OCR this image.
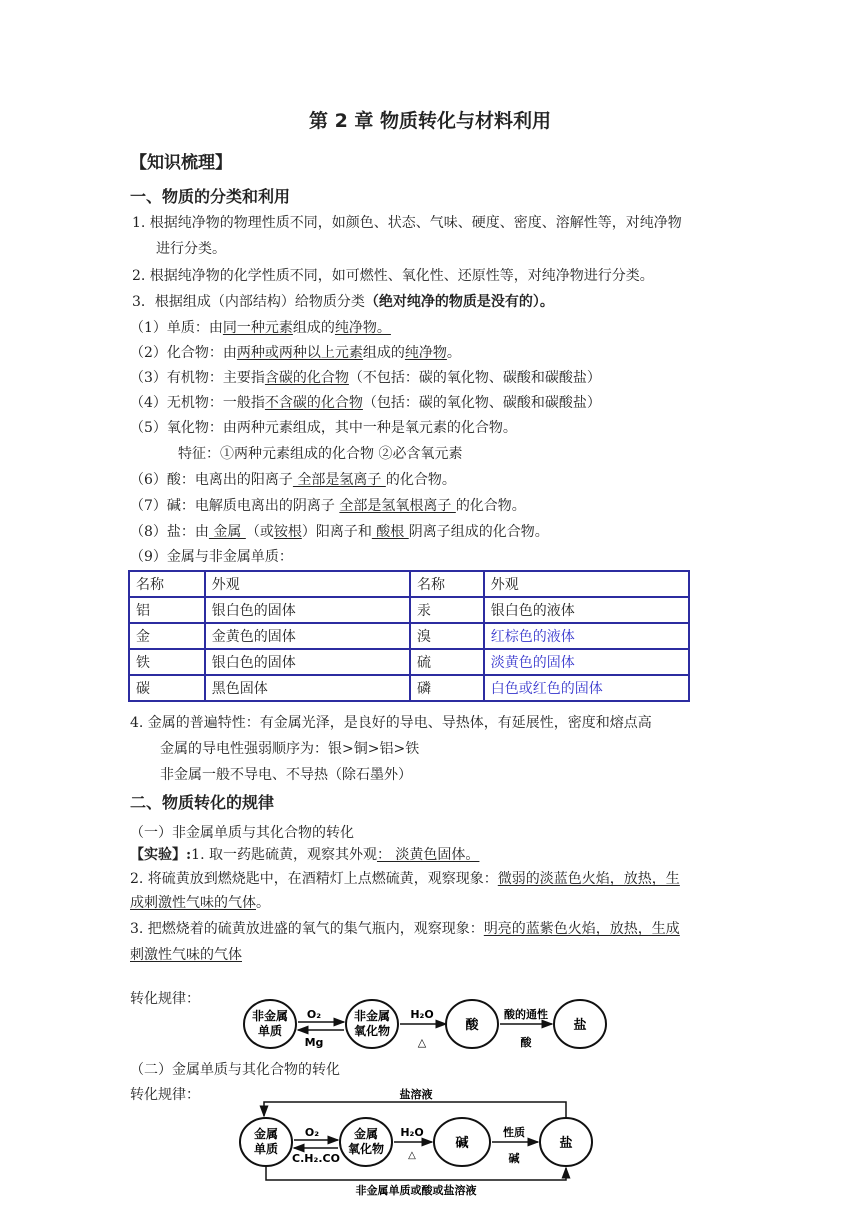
第 2 章 物质转化与材料利用
【知识梳理】
一、物质的分类和利用
1. 根据纯净物的物理性质不同，如颜色、状态、气味、硬度、密度、溶解性等，对纯净物
进行分类。
2. 根据纯净物的化学性质不同，如可燃性、氧化性、还原性等，对纯净物进行分类。
3．根据组成（内部结构）给物质分类（绝对纯净的物质是没有的）。
（1）单质：由同一种元素组成的纯净物。
（2）化合物：由两种或两种以上元素组成的纯净物。
（3）有机物：主要指含碳的化合物（不包括：碳的氧化物、碳酸和碳酸盐）
（4）无机物：一般指不含碳的化合物（包括：碳的氧化物、碳酸和碳酸盐）
（5）氧化物：由两种元素组成，其中一种是氧元素的化合物。
特征：①两种元素组成的化合物 ②必含氧元素
（6）酸：电离出的阳离子 全部是氢离子 的化合物。
（7）碱：电解质电离出的阴离子 全部是氢氧根离子 的化合物。
（8）盐：由 金属 （或铵根）阳离子和 酸根 阴离子组成的化合物。
（9）金属与非金属单质：
名称	外观	名称	外观
铝	银白色的固体	汞	银白色的液体
金	金黄色的固体	溴	红棕色的液体
铁	银白色的固体	硫	淡黄色的固体
碳	黑色固体	磷	白色或红色的固体
4. 金属的普遍特性：有金属光泽，是良好的导电、导热体，有延展性，密度和熔点高
金属的导电性强弱顺序为：银>铜>铝>铁
非金属一般不导电、不导热（除石墨外）
二、物质转化的规律
（一）非金属单质与其化合物的转化
【实验】:1. 取一药匙硫黄，观察其外观： 淡黄色固体。
2. 将硫黄放到燃烧匙中，在酒精灯上点燃硫黄，观察现象：微弱的淡蓝色火焰，放热，生
成刺激性气味的气体。
3. 把燃烧着的硫黄放进盛的氧气的集气瓶内，观察现象：明亮的蓝紫色火焰，放热，生成
刺激性气味的气体
转化规律：
非金属
单质
O₂
Mg
非金属
氧化物
H₂O
△
酸
酸的通性
酸
盐
（二）金属单质与其化合物的转化
转化规律：	盐溶液
金属
单质
O₂
C.H₂.CO
金属
氧化物
H₂O
△
碱
性质
碱
盐
非金属单质或酸或盐溶液
